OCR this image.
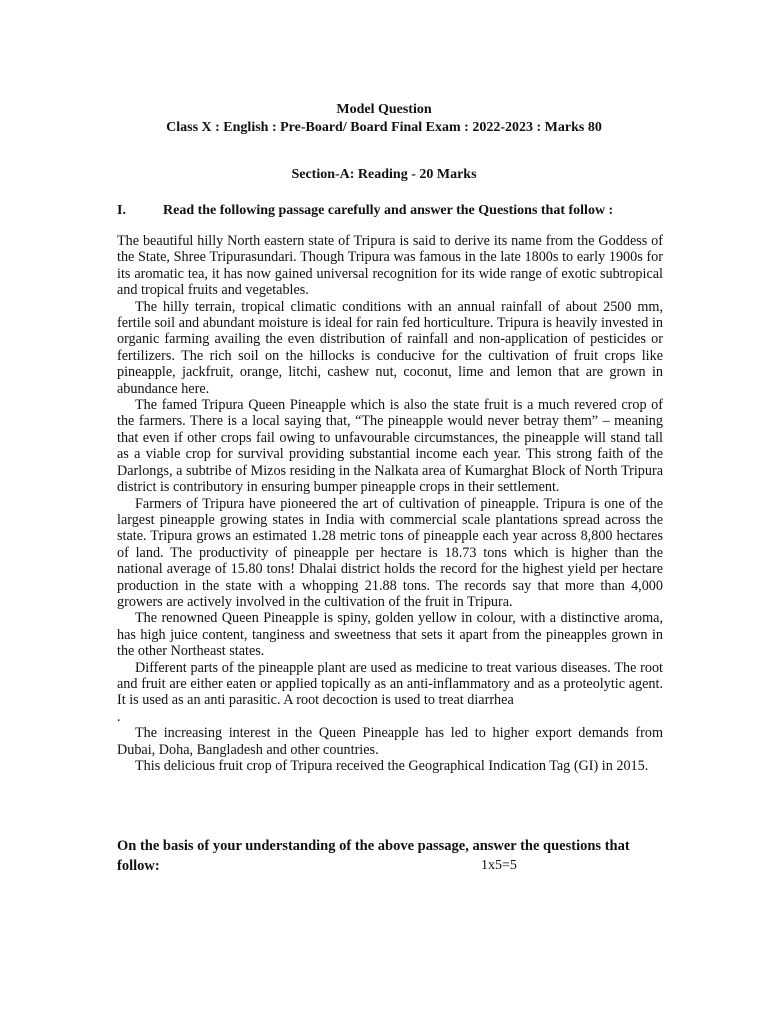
Model Question
Class X : English : Pre-Board/ Board Final Exam : 2022-2023 : Marks 80
Section-A: Reading - 20 Marks
I.	Read the following passage carefully and answer the Questions that follow :

The beautiful hilly North eastern state of Tripura is said to derive its name from the Goddess of the State, Shree Tripurasundari. Though Tripura was famous in the late 1800s to early 1900s for its aromatic tea, it has now gained universal recognition for its wide range of exotic subtropical and tropical fruits and vegetables.

The hilly terrain, tropical climatic conditions with an annual rainfall of about 2500 mm, fertile soil and abundant moisture is ideal for rain fed horticulture. Tripura is heavily invested in organic farming availing the even distribution of rainfall and non-application of pesticides or fertilizers. The rich soil on the hillocks is conducive for the cultivation of fruit crops like pineapple, jackfruit, orange, litchi, cashew nut, coconut, lime and lemon that are grown in abundance here.

The famed Tripura Queen Pineapple which is also the state fruit is a much revered crop of the farmers. There is a local saying that, “The pineapple would never betray them” – meaning that even if other crops fail owing to unfavourable circumstances, the pineapple will stand tall as a viable crop for survival providing substantial income each year. This strong faith of the Darlongs, a subtribe of Mizos residing in the Nalkata area of Kumarghat Block of North Tripura district is contributory in ensuring bumper pineapple crops in their settlement.

Farmers of Tripura have pioneered the art of cultivation of pineapple. Tripura is one of the largest pineapple growing states in India with commercial scale plantations spread across the state. Tripura grows an estimated 1.28 metric tons of pineapple each year across 8,800 hectares of land. The productivity of pineapple per hectare is 18.73 tons which is higher than the national average of 15.80 tons! Dhalai district holds the record for the highest yield per hectare production in the state with a whopping 21.88 tons. The records say that more than 4,000 growers are actively involved in the cultivation of the fruit in Tripura.

The renowned Queen Pineapple is spiny, golden yellow in colour, with a distinctive aroma, has high juice content, tanginess and sweetness that sets it apart from the pineapples grown in the other Northeast states.

Different parts of the pineapple plant are used as medicine to treat various diseases. The root and fruit are either eaten or applied topically as an anti-inflammatory and as a proteolytic agent. It is used as an anti parasitic. A root decoction is used to treat diarrhea

.

The increasing interest in the Queen Pineapple has led to higher export demands from Dubai, Doha, Bangladesh and other countries.

This delicious fruit crop of Tripura received the Geographical Indication Tag (GI) in 2015.

On the basis of your understanding of the above passage, answer the questions that
follow:	1x5=5
